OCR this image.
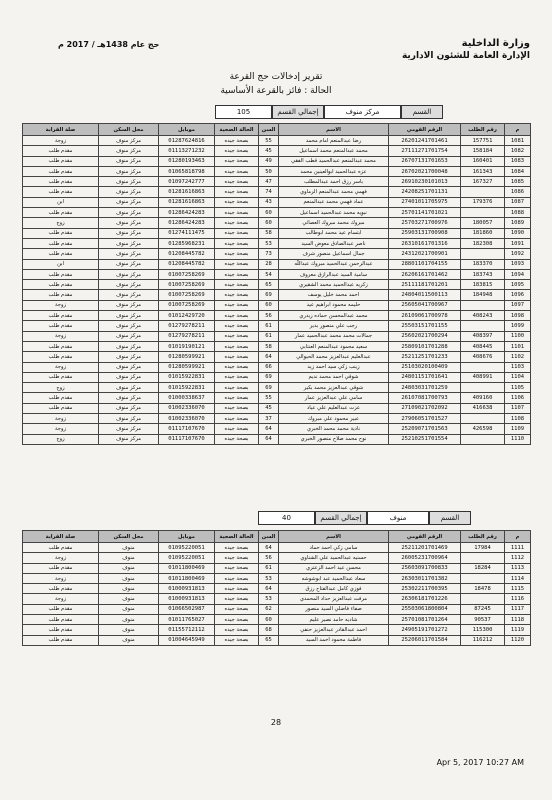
وزارة الداخلية
الإدارة العامة للشئون الادارية
حج عام 1438هـ / 2017 م
تقرير إدخالات حج القرعة
الحالة : فائز بالقرعة الأساسية
القسم
مركز منوف
إجمالي القسم
105
م	رقم الطلب	الرقم القومي	الاسم	السن	الحالة الصحية	موبايل	محل السكن	صلة القرابة
1081	157751	26201241701461	رضا عبدالمنعم امام محمد	55	بصحة جيده	01287624816	مركز منوف	زوجة
1082	158184	27111271701754	محمد عبدالمنعم محمد اسماعيل	45	بصحة جيده	01113271232	مركز منوف	مقدم طلب
1083	160401	26707131701653	محمد عبدالمنعم عبدالحميد قطب الفقي	49	بصحة جيده	01280193463	مركز منوف	مقدم طلب
1084	161343	26702021700048	عزه عبدالحميد ابوالعينين محمد	50	بصحة جيده	01065818798	مركز منوف	مقدم طلب
1085	167327	26910230101013	باسر رزق احمد عبدالمطلب	47	بصحة جيده	01097242777	مركز منوف	مقدم طلب
1086		24208251701131	فهمي محمد عبدالمنعم الرماوي	74	بصحة جيده	01281616863	مركز منوف	مقدم طلب
1087	179376	27401011705975	عماد فهمي محمد عبدالمنعم	43	بصحة جيده	01281616863	مركز منوف	ابن
1088		25701141701021	نبويه محمد عبدالحميد اسماعيل	60	بصحة جيده	01286424283	مركز منوف	مقدم طلب
1089	180057	25703271700976	مبروك محمد مبروك العصائي	60	بصحة جيده	01286424283	مركز منوف	زوج
1090	181860	25903131700908	ابتسام عيد محمد ابوطالب	58	بصحة جيده	01274111475	مركز منوف	مقدم طلب
1091	182308	26310161701316	ناصر عبدالصادق معوض السيد	53	بصحة جيده	01285968231	مركز منوف	مقدم طلب
1092		24312021700901	جمال اسماعيل منصور شرف	73	بصحة جيده	01208445782	مركز منوف	مقدم طلب
1093	183370	28801101704155	عبدالرحمن عبدالحميد مبروك عبداللّه	28	بصحة جيده	01208445782	مركز منوف	ابن
1094	183743	26206161701462	سامية السيد عبدالرازق معروف	54	بصحة جيده	01007258269	مركز منوف	مقدم طلب
1095	183815	25111181701201	زكريه عبدالحميد محمد الشقيري	65	بصحة جيده	01007258269	مركز منوف	مقدم طلب
1096	184948	24804011500113	احمد محمد خليل يوسف	69	بصحة جيده	01007258269	مركز منوف	مقدم طلب
1097		25605041700967	حليمه محمود ابراهيم عيد	60	بصحة جيده	01007258269	مركز منوف	زوجة
1098	408243	26109061700978	محمد عبدالمحسن حماده زيدري	56	بصحة جيده	01012429720	مركز منوف	مقدم طلب
1099		25503151701155	رجب علي منصور بدير	61	بصحة جيده	01279278211	مركز منوف	مقدم طلب
1100	408397	25602021700294	جمالات محمد محمد عبدالحميد عمار	61	بصحة جيده	01279278211	مركز منوف	زوجة
1101	408445	25809101701288	سعيد محمود عبدالمنعم العنتابي	58	بصحة جيده	01019190121	مركز منوف	مقدم طلب
1102	408676	25211251701233	عبدالعليم عبدالعزيز محمد الحيوالي	64	بصحة جيده	01280599921	مركز منوف	مقدم طلب
1103		25103020100409	زينب زكي سيد احمد زيد	66	بصحة جيده	01280599921	مركز منوف	زوجة
1104	408991	24801151701641	شوقي احمد محمد نديم	69	بصحة جيده	01015922831	مركز منوف	مقدم طلب
1105		24803031701259	شوقي عبدالعزيز محمد بكير	69	بصحة جيده	01015922831	مركز منوف	زوج
1106	409160	26107081700793	سامي علي عبدالعزيز عمار	55	بصحة جيده	01000338637	مركز منوف	مقدم طلب
1107	416638	27109021702092	عزت عبدالعليم علي عياد	45	بصحة جيده	01002336070	مركز منوف	مقدم طلب
1108		27906051701527	عبير محمود علي مبروك	37	بصحة جيده	01002336070	مركز منوف	زوجة
1109	426598	25209071701563	نادية محمد محمد الخبري	64	بصحة جيده	01117107670	مركز منوف	زوجة
1110		25210251701554	نوح محمد صلاح منصور الخبري	64	بصحة جيده	01117107670	مركز منوف	زوج
القسم
منوف
إجمالي القسم
40
م	رقم الطلب	الرقم القومي	الاسم	السن	الحالة الصحية	موبايل	محل السكن	صلة القرابة
1111	17984	25211201701469	سامي زكي احمد حماد	64	بصحة جيده	01095220051	منوف	مقدم طلب
1112		26005231700964	حسنيه عبدالحميد علي الشناوي	56	بصحة جيده	01095220051	منوف	زوجة
1113	18284	25603091700833	محسن عيد احمد الزعتري	61	بصحة جيده	01011800469	منوف	مقدم طلب
1114		26303011701382	سعاد عبدالحميد عبد ابوشوشه	53	بصحة جيده	01011800469	منوف	زوجة
1115	18478	25302211700395	فوزي كامل عبدالفتاح رزق	64	بصحة جيده	01000931813	منوف	مقدم طلب
1116		26306181701226	مرفت عبدالعزيز حداد المحمدي	53	بصحة جيده	01000931813	منوف	زوجة
1117	87245	25503061800804	صفاء فاضلي السيد منصور	62	بصحة جيده	01066502987	منوف	مقدم طلب
1118	90537	25701081701264	شاديه حامد نصير عليم	60	بصحة جيده	01011765027	منوف	مقدم طلب
1119	115300	24905191701272	احمد عبدالقادر عبدالعزيز حنفي	68	بصحة جيده	01155712112	منوف	مقدم طلب
1120	116212	25206011701584	فاطمة محمود احمد السيد	65	بصحة جيده	01004645949	منوف	مقدم طلب
28
Apr 5, 2017 10:27 AM
